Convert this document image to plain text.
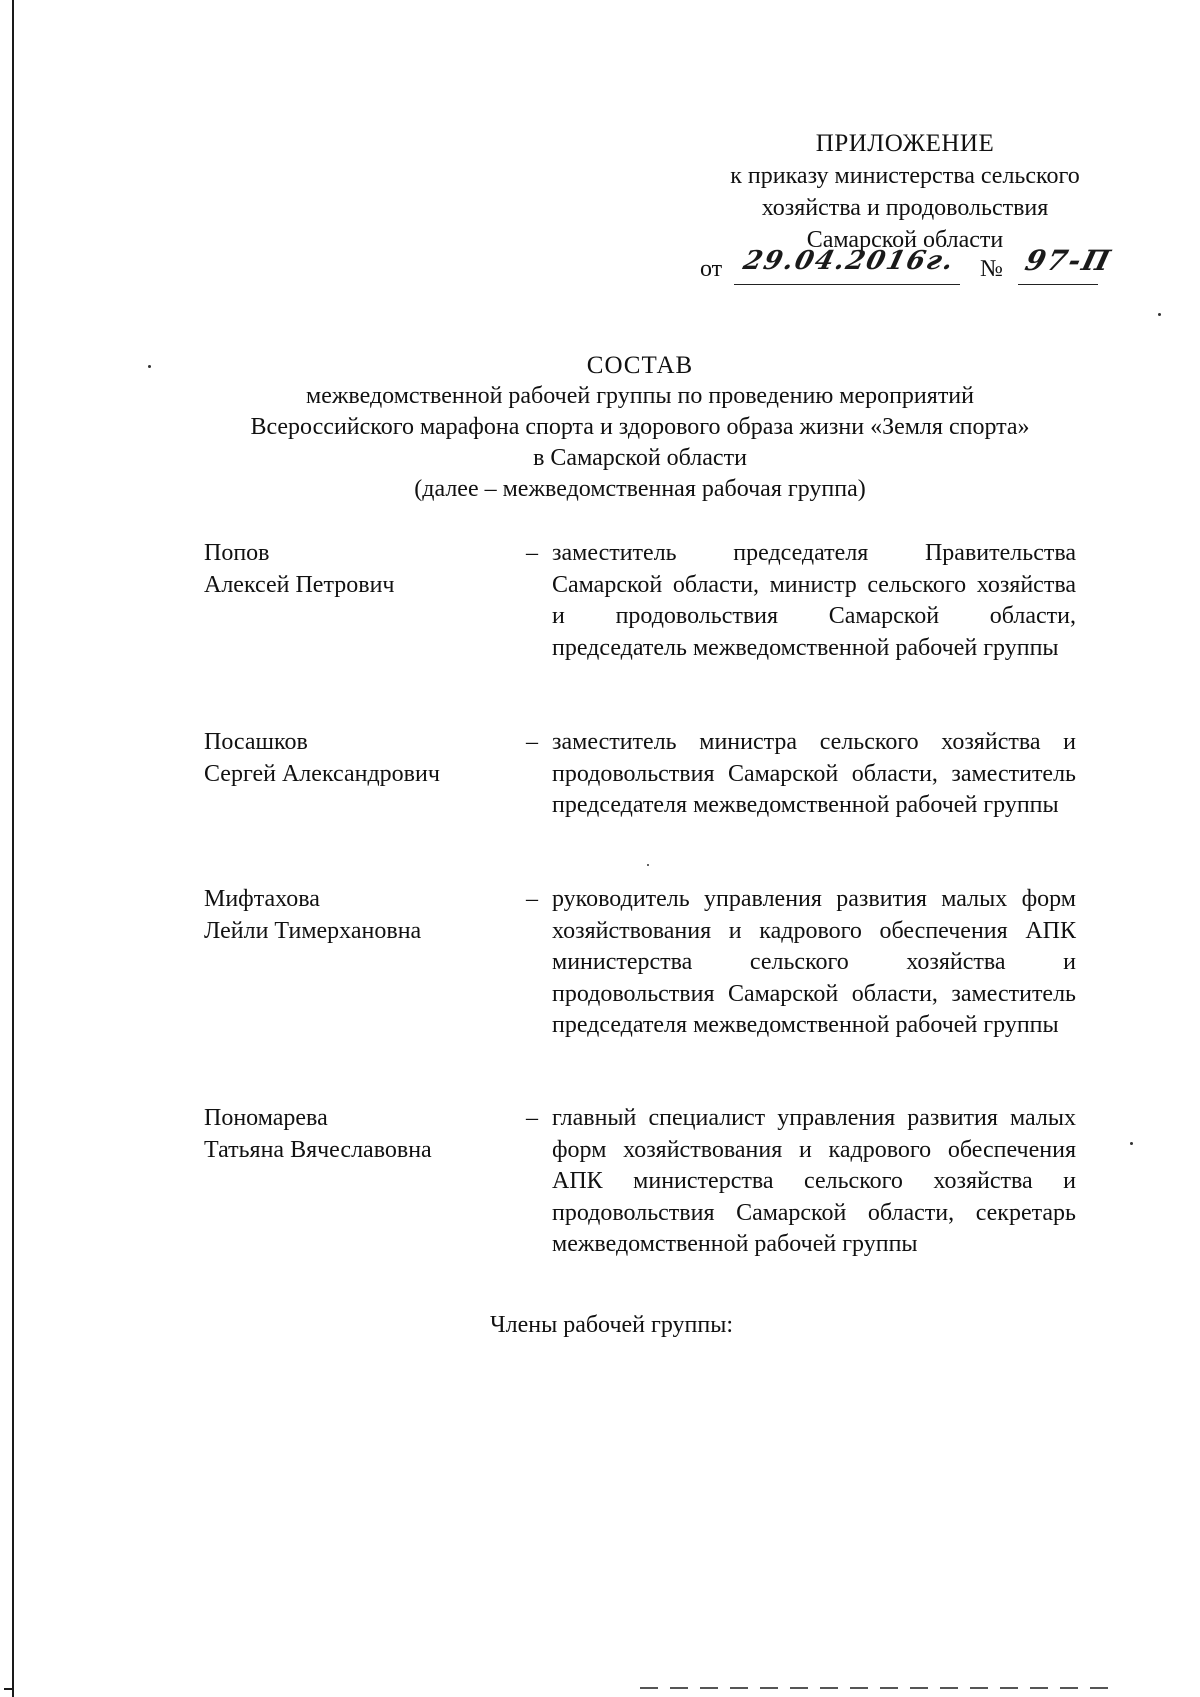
ПРИЛОЖЕНИЕ
к приказу министерства сельского
хозяйства и продовольствия
Самарской области
от 29.04.2016г. № 97-П
СОСТАВ
межведомственной рабочей группы по проведению мероприятий
Всероссийского марафона спорта и здорового образа жизни «Земля спорта»
в Самарской области
(далее – межведомственная рабочая группа)
Попов
Алексей Петрович
– заместитель председателя Правительства Самарской области, министр сельского хозяйства и продовольствия Самарской области, председатель межведомственной рабочей группы
Посашков
Сергей Александрович
– заместитель министра сельского хозяйства и продовольствия Самарской области, заместитель председателя межведомственной рабочей группы
Мифтахова
Лейли Тимерхановна
– руководитель управления развития малых форм хозяйствования и кадрового обеспечения АПК министерства сельского хозяйства и продовольствия Самарской области, заместитель председателя межведомственной рабочей группы
Пономарева
Татьяна Вячеславовна
– главный специалист управления развития малых форм хозяйствования и кадрового обеспечения АПК министерства сельского хозяйства и продовольствия Самарской области, секретарь межведомственной рабочей группы
Члены рабочей группы:
